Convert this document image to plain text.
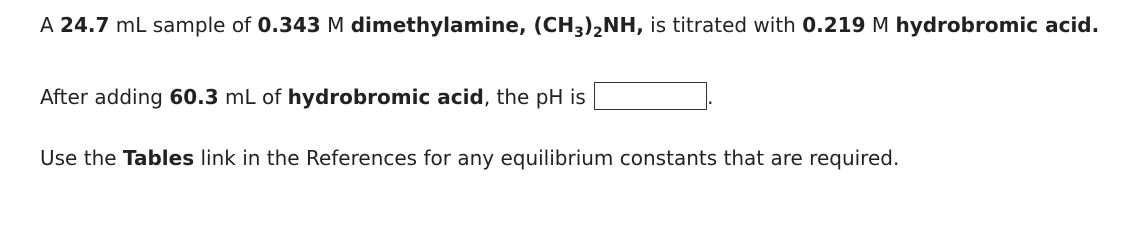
A 24.7 mL sample of 0.343 M dimethylamine, $(CH_3)_2NH$, is titrated with 0.219 M hydrobromic acid.
After adding 60.3 mL of hydrobromic acid, the pH is	.
Use the Tables link in the References for any equilibrium constants that are required.
